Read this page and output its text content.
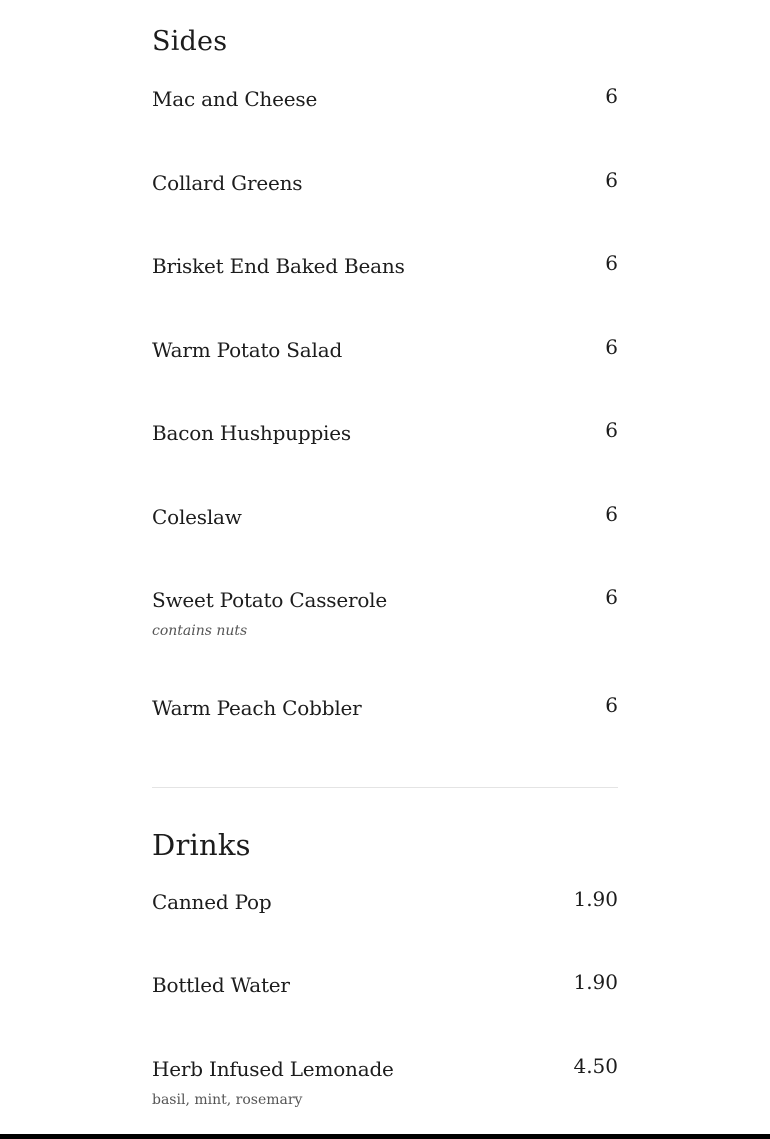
Sides
Mac and Cheese	6
Collard Greens	6
Brisket End Baked Beans	6
Warm Potato Salad	6
Bacon Hushpuppies	6
Coleslaw	6
Sweet Potato Casserole	6
contains nuts
Warm Peach Cobbler	6
Drinks
Canned Pop	1.90
Bottled Water	1.90
Herb Infused Lemonade	4.50
basil, mint, rosemary
